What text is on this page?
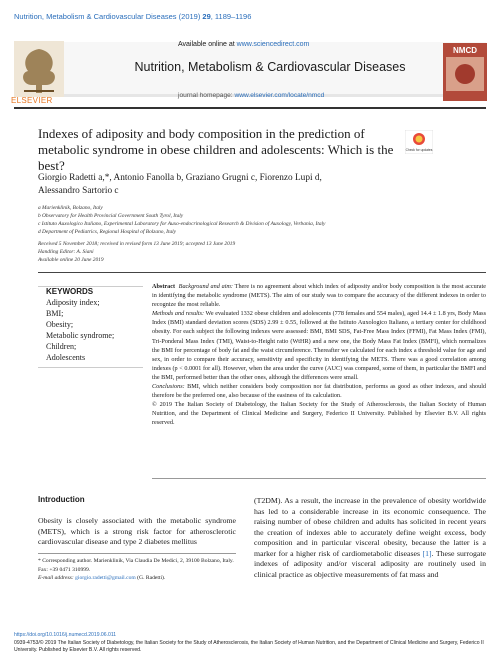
Nutrition, Metabolism & Cardiovascular Diseases (2019) 29, 1189–1196
ELSEVIER
Available online at www.sciencedirect.com
Nutrition, Metabolism & Cardiovascular Diseases
journal homepage: www.elsevier.com/locate/nmcd
NMCD
Indexes of adiposity and body composition in the prediction of metabolic syndrome in obese children and adolescents: Which is the best?
Check for updates
Giorgio Radetti a,*, Antonio Fanolla b, Graziano Grugni c, Fiorenzo Lupi d,
Alessandro Sartorio c
a Marienklinik, Bolzano, Italy
b Observatory for Health Provincial Government South Tyrol, Italy
c Istituto Auxologico Italiano, Experimental Laboratory for Auxo-endocrinological Research & Division of Auxology, Verbania, Italy
d Department of Pediatrics, Regional Hospital of Bolzano, Italy
Received 5 November 2018; received in revised form 13 June 2019; accepted 13 June 2019
Handling Editor: A. Siani
Available online 20 June 2019
KEYWORDS
Adiposity index;
BMI;
Obesity;
Metabolic syndrome;
Children;
Adolescents

Abstract Background and aim: There is no agreement about which index of adiposity and/or body composition is the most accurate in identifying the metabolic syndrome (METS). The aim of our study was to compare the accuracy of the different indexes in order to recognize the most reliable.

Methods and results: We evaluated 1332 obese children and adolescents (778 females and 554 males), aged 14.4 ± 1.8 yrs, Body Mass Index (BMI) standard deviation scores (SDS) 2.99 ± 0.55, followed at the Istituto Auxologico Italiano, a tertiary center for childhood obesity. For each subject the following indexes were assessed: BMI, BMI SDS, Fat-Free Mass Index (FFMI), Fat Mass Index (FMI), Tri-Ponderal Mass Index (TMI), Waist-to-Height ratio (WtHR) and a new one, the Body Mass Fat Index (BMFI), which normalizes the BMI for percentage of body fat and the waist circumference. Thereafter we calculated for each index a threshold value for age and sex, in order to compare their accuracy, sensitivity and specificity in identifying the METS. There was a good correlation among indexes (p < 0.0001 for all). However, when the area under the curve (AUC) was compared, some of them, in particular the BMFI and the BMI, performed better than the other ones, although the differences were small.

Conclusions: BMI, which neither considers body composition nor fat distribution, performs as good as other indexes, and should therefore be the preferred one, also because of the easiness of its calculation.

© 2019 The Italian Society of Diabetology, the Italian Society for the Study of Atherosclerosis, the Italian Society of Human Nutrition, and the Department of Clinical Medicine and Surgery, Federico II University. Published by Elsevier B.V. All rights reserved.

Introduction
Obesity is closely associated with the metabolic syndrome (METS), which is a strong risk factor for atherosclerotic cardiovascular disease and type 2 diabetes mellitus
* Corresponding author. Marienklinik, Via Claudia De Medici, 2, 39100 Bolzano, Italy. Fax: +39 0471 310999.
E-mail address: giorgio.radetti@gmail.com (G. Radetti).
(T2DM). As a result, the increase in the prevalence of obesity worldwide has led to a considerable increase in its economic consequence. The raising number of obese children and adults has solicited in recent years the creation of indexes able to accurately define weight excess, body composition and in particular visceral obesity, because the latter is a marker for a higher risk of cardiometabolic diseases [1]. These surrogate indexes of adiposity and/or visceral adiposity are routinely used in clinical practice as objective measurements of fat mass and
https://doi.org/10.1016/j.numecd.2019.06.011
0939-4753/© 2019 The Italian Society of Diabetology, the Italian Society for the Study of Atherosclerosis, the Italian Society of Human Nutrition, and the Department of Clinical Medicine and Surgery, Federico II University. Published by Elsevier B.V. All rights reserved.
